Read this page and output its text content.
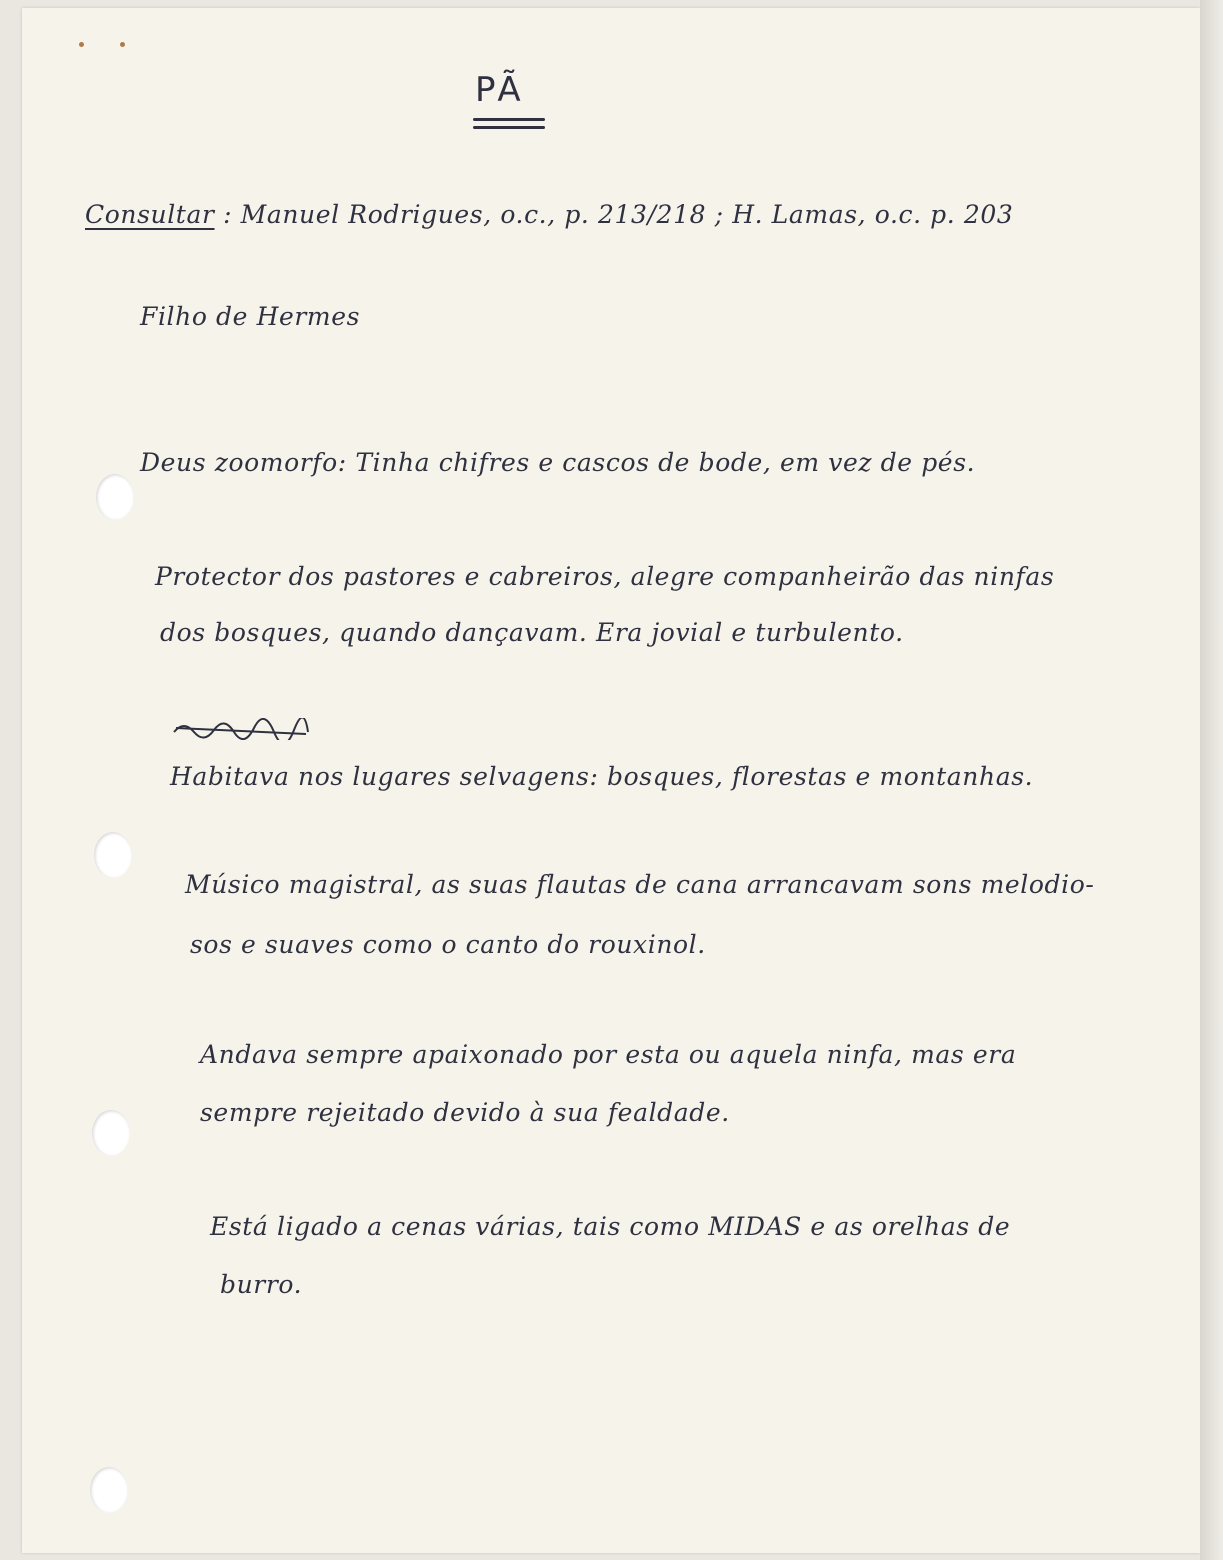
PÃ
Consultar : Manuel Rodrigues, o.c., p. 213/218 ; H. Lamas, o.c. p. 203
Filho de Hermes
Deus zoomorfo: Tinha chifres e cascos de bode, em vez de pés.
Protector dos pastores e cabreiros, alegre companheirão das ninfas
dos bosques, quando dançavam. Era jovial e turbulento.
Habitava nos lugares selvagens: bosques, florestas e montanhas.
Músico magistral, as suas flautas de cana arrancavam sons melodio-
sos e suaves como o canto do rouxinol.
Andava sempre apaixonado por esta ou aquela ninfa, mas era
sempre rejeitado devido à sua fealdade.
Está ligado a cenas várias, tais como MIDAS e as orelhas de
burro.
